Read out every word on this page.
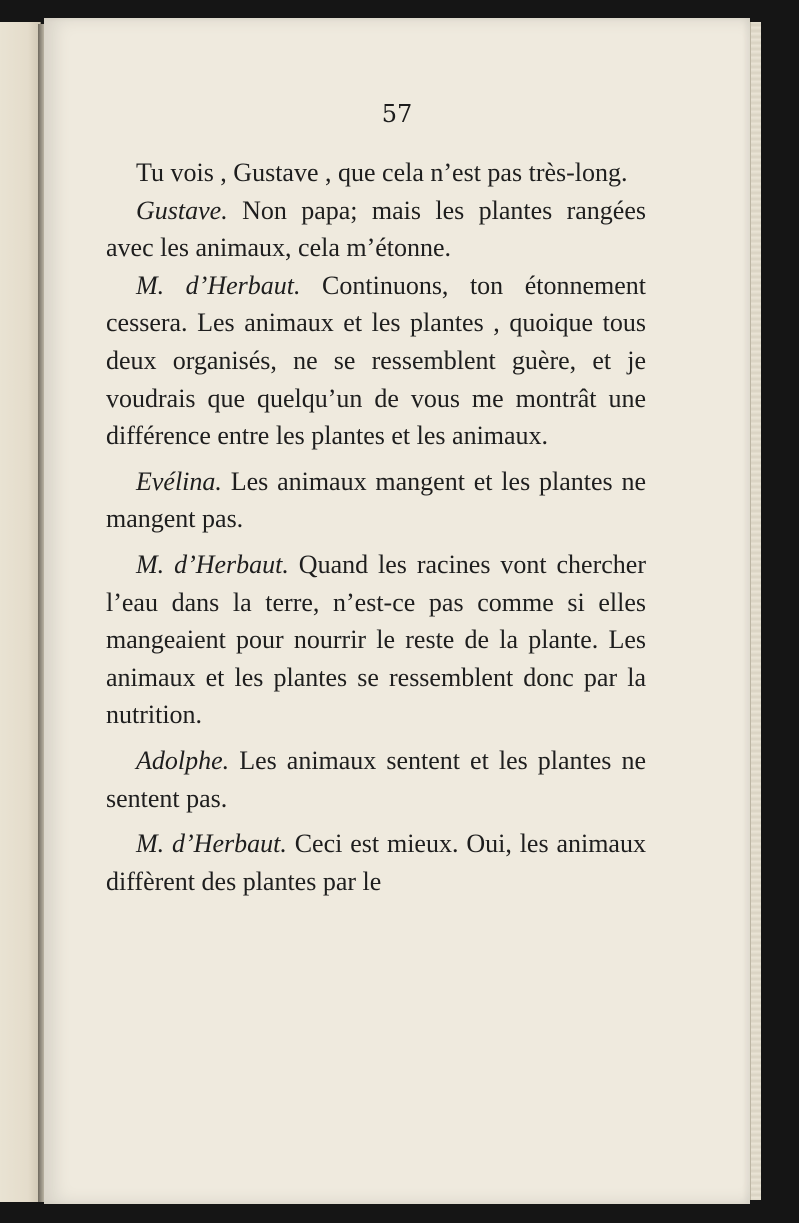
57

Tu vois , Gustave , que cela n’est pas très-long.

Gustave. Non papa; mais les plantes rangées avec les animaux, cela m’étonne.

M. d’Herbaut. Continuons, ton étonnement cessera. Les animaux et les plantes , quoique tous deux organisés, ne se ressemblent guère, et je voudrais que quelqu’un de vous me montrât une différence entre les plantes et les animaux.

Evélina. Les animaux mangent et les plantes ne mangent pas.

M. d’Herbaut. Quand les racines vont chercher l’eau dans la terre, n’est-ce pas comme si elles mangeaient pour nourrir le reste de la plante. Les animaux et les plantes se ressemblent donc par la nutrition.

Adolphe. Les animaux sentent et les plantes ne sentent pas.

M. d’Herbaut. Ceci est mieux. Oui, les animaux diffèrent des plantes par le
